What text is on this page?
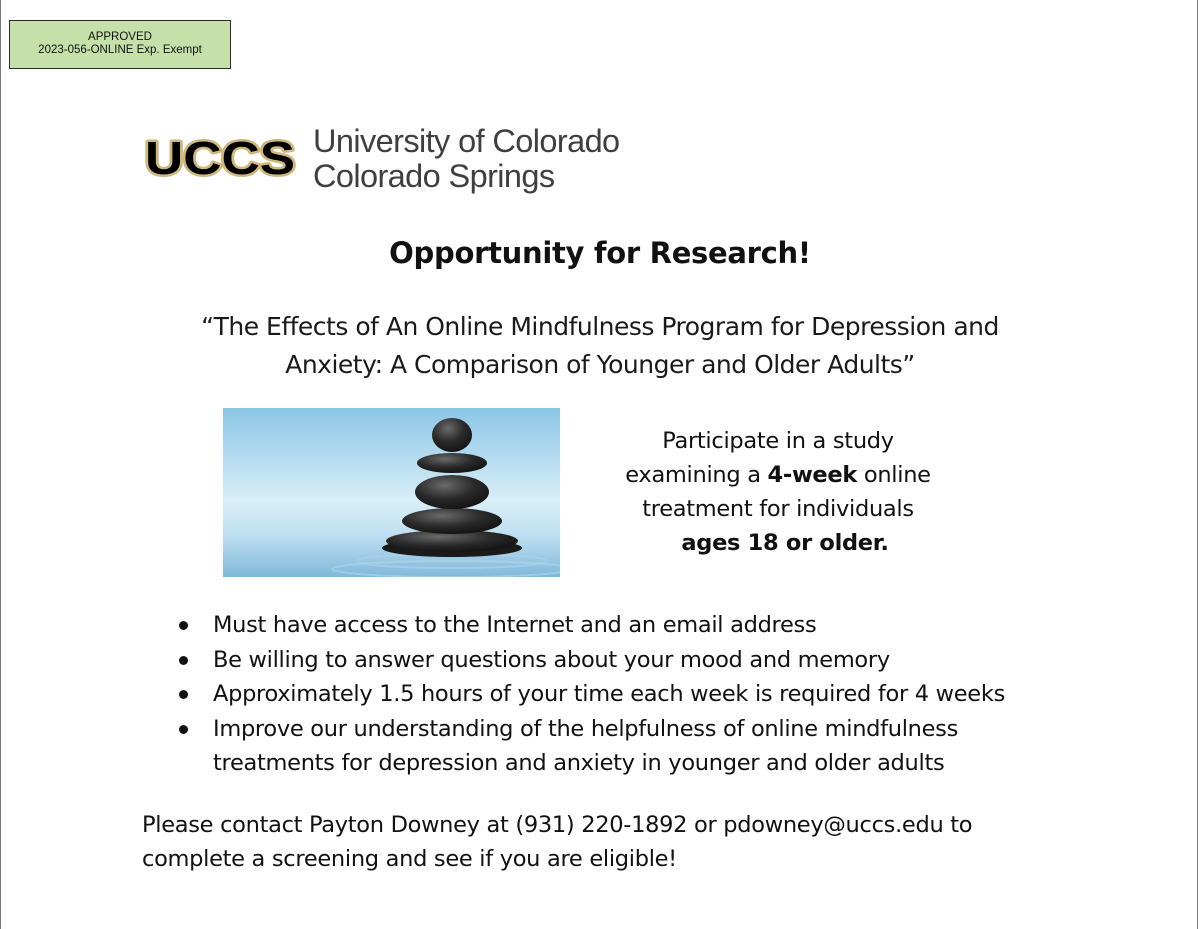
APPROVED
2023-056-ONLINE Exp. Exempt
UCCS University of Colorado
Colorado Springs
Opportunity for Research!
“The Effects of An Online Mindfulness Program for Depression and
Anxiety: A Comparison of Younger and Older Adults”
Participate in a study
examining a 4-week online
treatment for individuals
ages 18 or older.
Must have access to the Internet and an email address
Be willing to answer questions about your mood and memory
Approximately 1.5 hours of your time each week is required for 4 weeks
Improve our understanding of the helpfulness of online mindfulness
treatments for depression and anxiety in younger and older adults
Please contact Payton Downey at (931) 220-1892 or pdowney@uccs.edu to
complete a screening and see if you are eligible!
